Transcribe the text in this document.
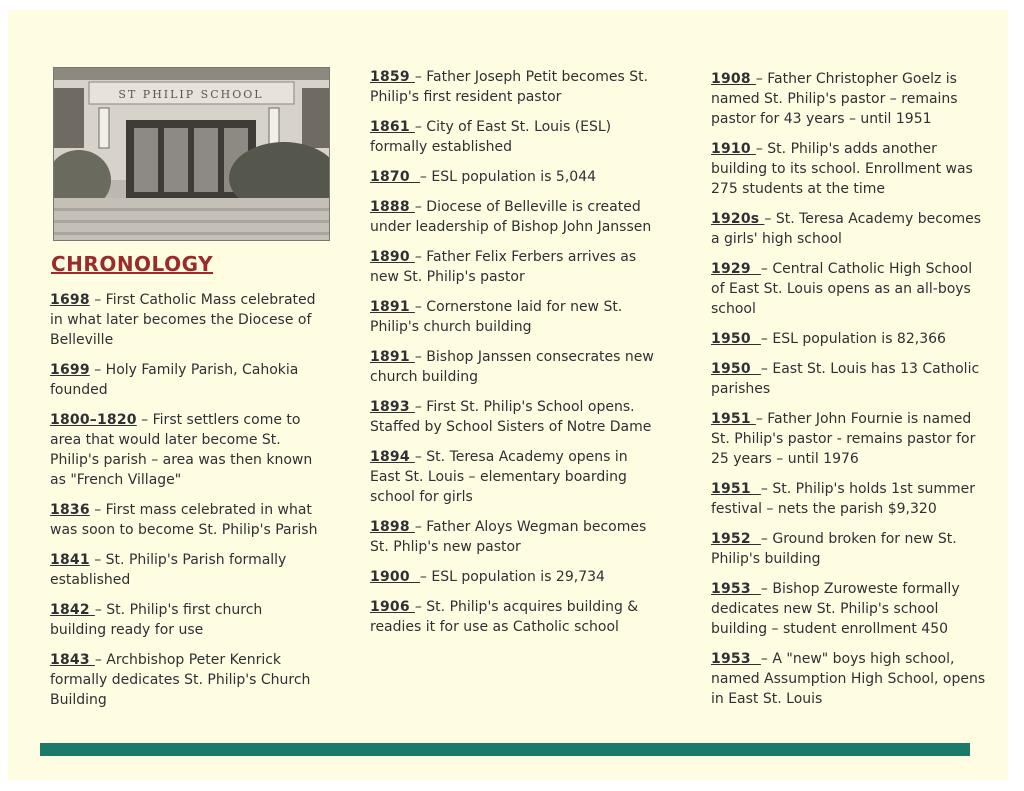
ST PHILIP SCHOOL
CHRONOLOGY
1698 – First Catholic Mass celebrated in what later becomes the Diocese of Belleville
1699 – Holy Family Parish, Cahokia founded
1800–1820 – First settlers come to area that would later become St. Philip's parish – area was then known as "French Village"
1836 – First mass celebrated in what was soon to become St. Philip's Parish
1841 – St. Philip's Parish formally established
1842 – St. Philip's first church building ready for use
1843 – Archbishop Peter Kenrick formally dedicates St. Philip's Church Building
1859 – Father Joseph Petit becomes St. Philip's first resident pastor
1861 – City of East St. Louis (ESL) formally established
1870  – ESL population is 5,044
1888 – Diocese of Belleville is created under leadership of Bishop John Janssen
1890 – Father Felix Ferbers arrives as new St. Philip's pastor
1891 – Cornerstone laid for new St. Philip's church building
1891 – Bishop Janssen consecrates new church building
1893 – First St. Philip's School opens. Staffed by School Sisters of Notre Dame
1894 – St. Teresa Academy opens in East St. Louis – elementary boarding school for girls
1898 – Father Aloys Wegman becomes St. Phlip's new pastor
1900  – ESL population is 29,734
1906 – St. Philip's acquires building & readies it for use as Catholic school
1908 – Father Christopher Goelz is named St. Philip's pastor – remains pastor for 43 years – until 1951
1910 – St. Philip's adds another building to its school. Enrollment was 275 students at the time
1920s – St. Teresa Academy becomes a girls' high school
1929  – Central Catholic High School of East St. Louis opens as an all-boys school
1950  – ESL population is 82,366
1950  – East St. Louis has 13 Catholic parishes
1951 – Father John Fournie is named St. Philip's pastor - remains pastor for 25 years – until 1976
1951  – St. Philip's holds 1st summer festival – nets the parish $9,320
1952  – Ground broken for new St. Philip's building
1953  – Bishop Zuroweste formally dedicates new St. Philip's school building – student enrollment 450
1953  – A "new" boys high school, named Assumption High School, opens in East St. Louis
